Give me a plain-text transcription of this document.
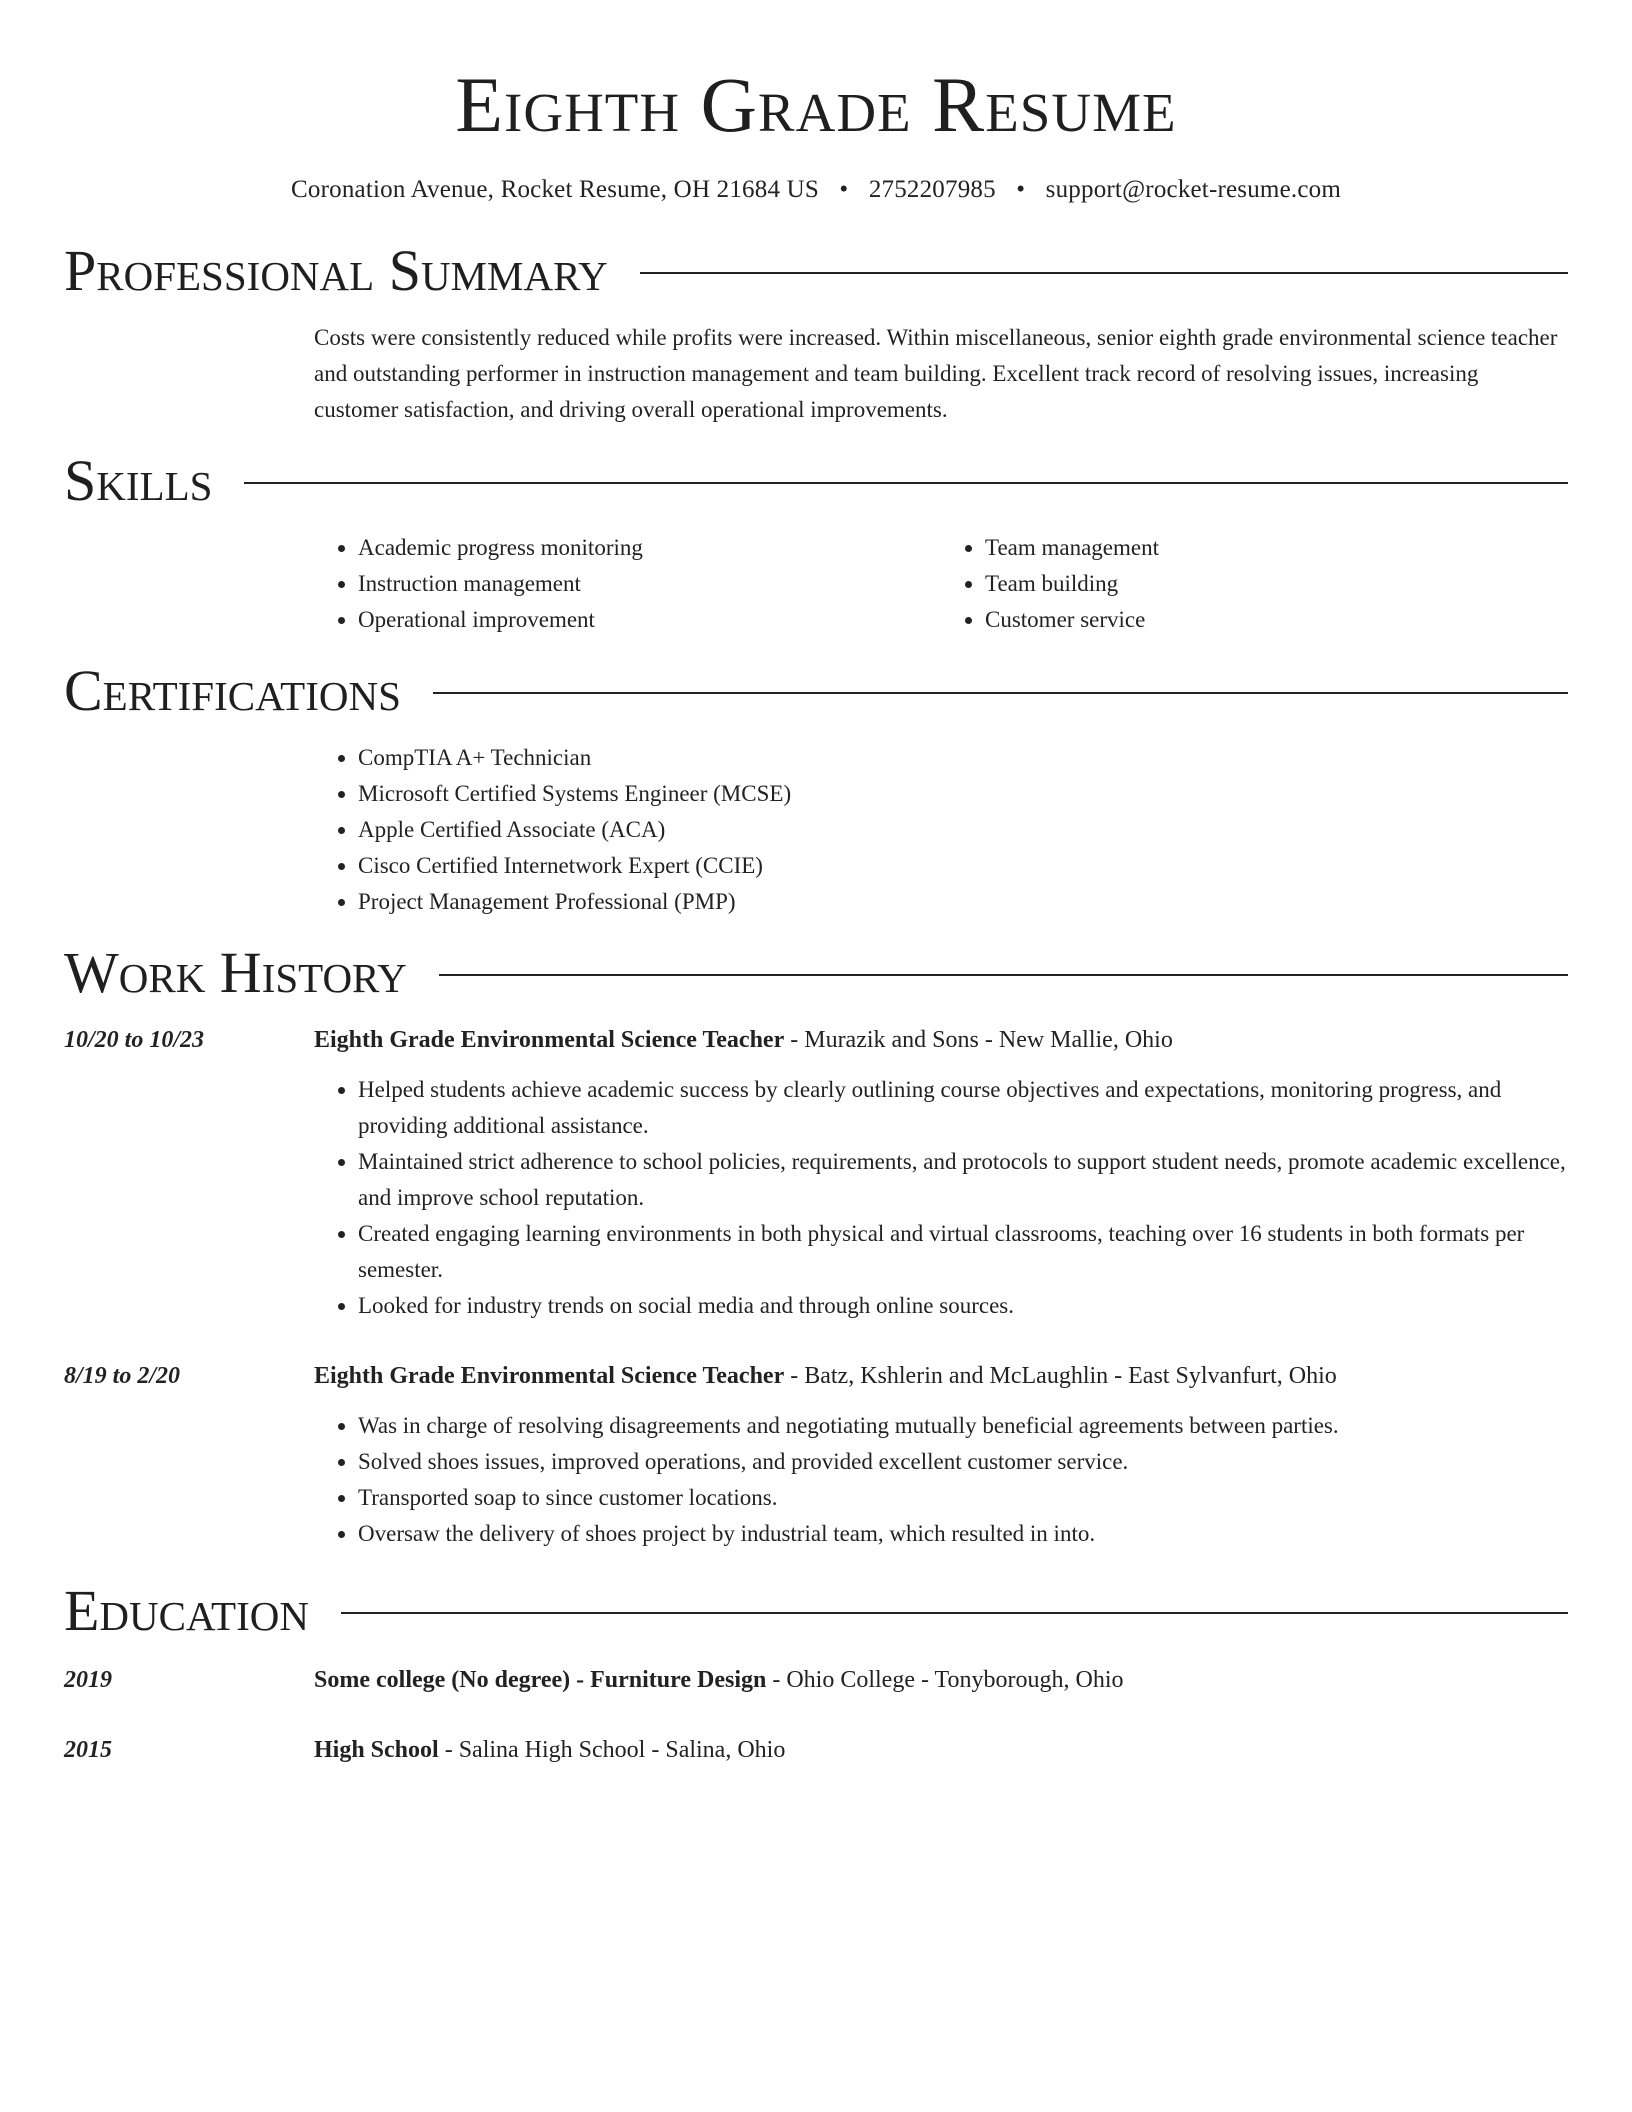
Eighth Grade Resume
Coronation Avenue, Rocket Resume, OH 21684 US • 2752207985 • support@rocket-resume.com
Professional Summary
Costs were consistently reduced while profits were increased. Within miscellaneous, senior eighth grade environmental science teacher and outstanding performer in instruction management and team building. Excellent track record of resolving issues, increasing customer satisfaction, and driving overall operational improvements.
Skills
• Academic progress monitoring
• Instruction management
• Operational improvement
• Team management
• Team building
• Customer service
Certifications
• CompTIA A+ Technician
• Microsoft Certified Systems Engineer (MCSE)
• Apple Certified Associate (ACA)
• Cisco Certified Internetwork Expert (CCIE)
• Project Management Professional (PMP)
Work History
10/20 to 10/23	Eighth Grade Environmental Science Teacher - Murazik and Sons - New Mallie, Ohio
• Helped students achieve academic success by clearly outlining course objectives and expectations, monitoring progress, and providing additional assistance.
• Maintained strict adherence to school policies, requirements, and protocols to support student needs, promote academic excellence, and improve school reputation.
• Created engaging learning environments in both physical and virtual classrooms, teaching over 16 students in both formats per semester.
• Looked for industry trends on social media and through online sources.
8/19 to 2/20	Eighth Grade Environmental Science Teacher - Batz, Kshlerin and McLaughlin - East Sylvanfurt, Ohio
• Was in charge of resolving disagreements and negotiating mutually beneficial agreements between parties.
• Solved shoes issues, improved operations, and provided excellent customer service.
• Transported soap to since customer locations.
• Oversaw the delivery of shoes project by industrial team, which resulted in into.
Education
2019	Some college (No degree) - Furniture Design - Ohio College - Tonyborough, Ohio
2015	High School - Salina High School - Salina, Ohio
